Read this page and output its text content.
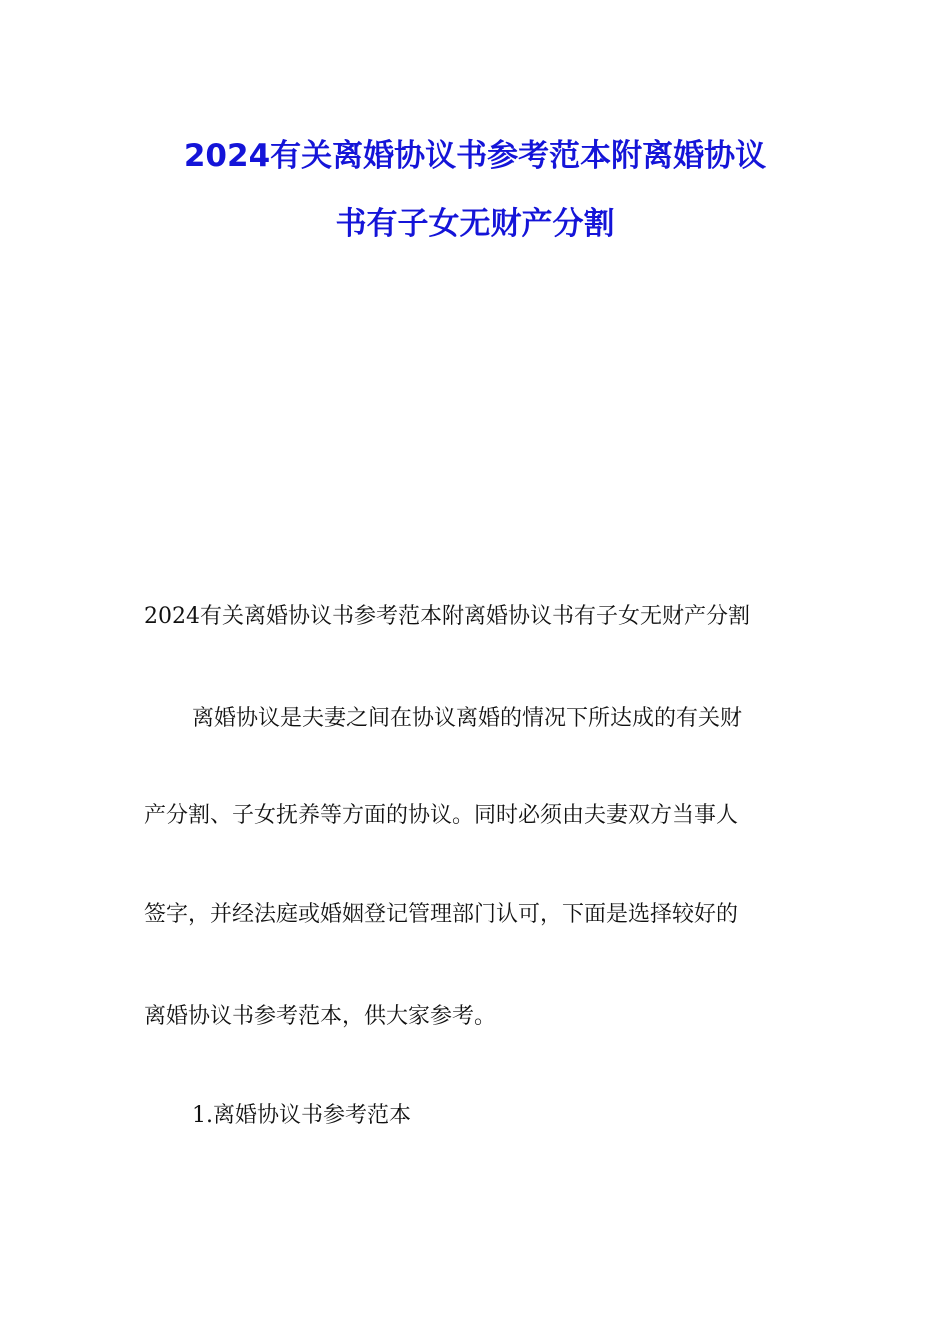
2024有关离婚协议书参考范本附离婚协议
书有子女无财产分割
2024有关离婚协议书参考范本附离婚协议书有子女无财产分割
离婚协议是夫妻之间在协议离婚的情况下所达成的有关财
产分割、子女抚养等方面的协议。同时必须由夫妻双方当事人
签字，并经法庭或婚姻登记管理部门认可，下面是选择较好的
离婚协议书参考范本，供大家参考。
1.离婚协议书参考范本
